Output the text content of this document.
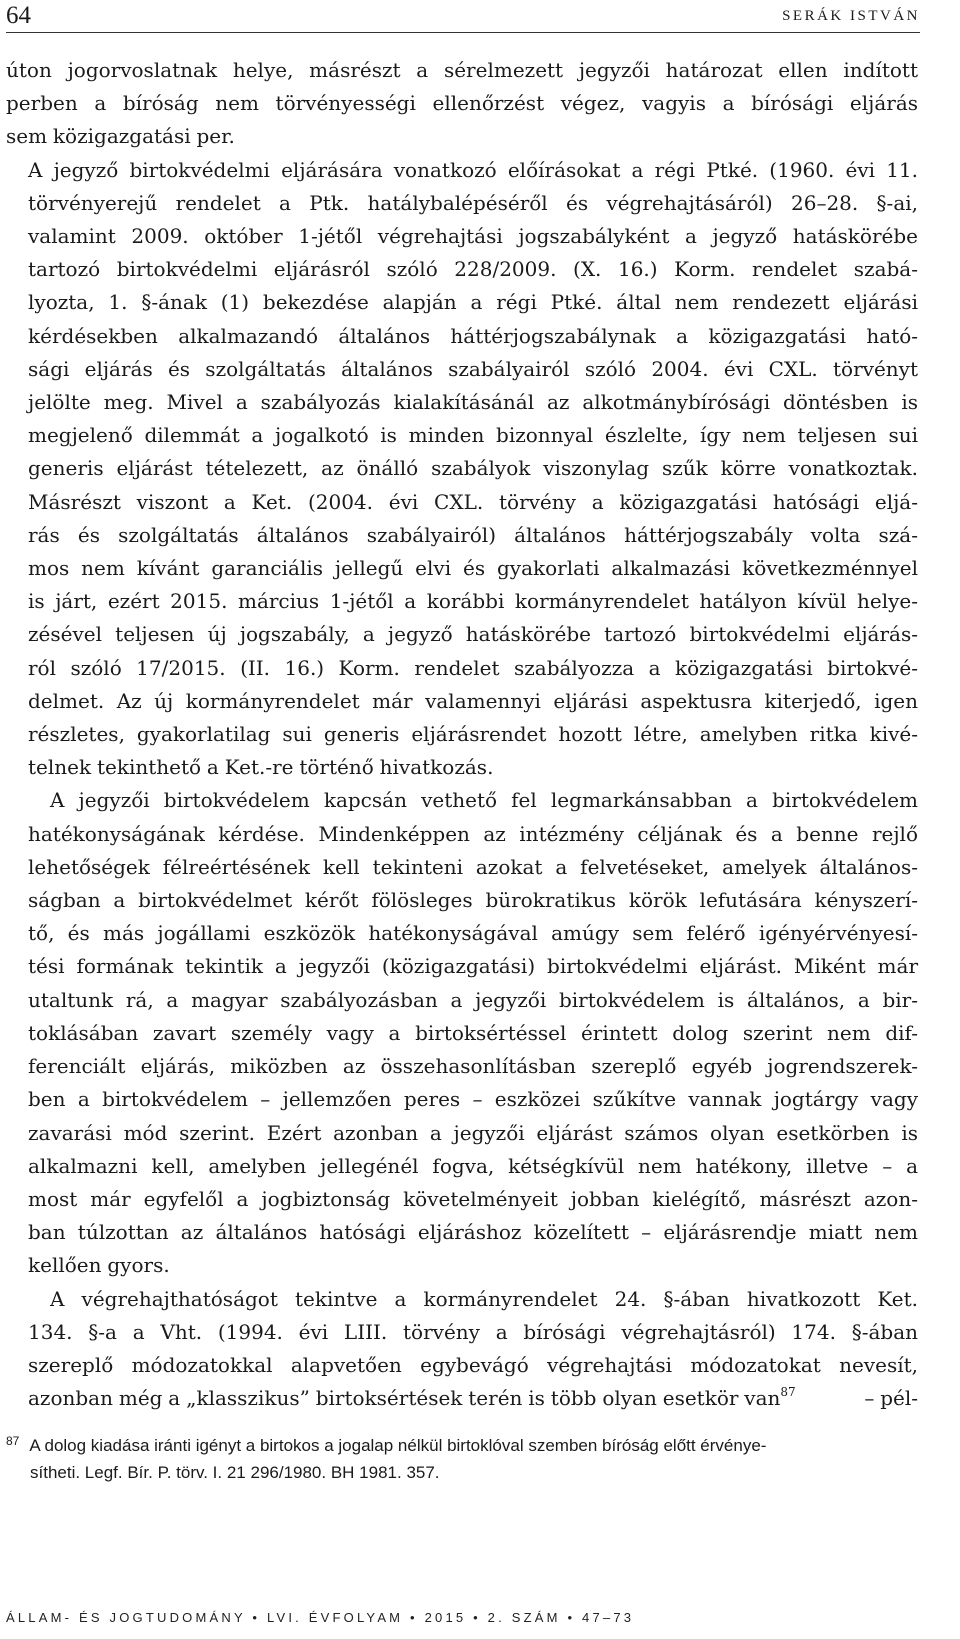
64	SERÁK ISTVÁN

úton jogorvoslatnak helye, másrészt a sérelmezett jegyzői határozat ellen indított
perben a bíróság nem törvényességi ellenőrzést végez, vagyis a bírósági eljárás
sem közigazgatási per.

A jegyző birtokvédelmi eljárására vonatkozó előírásokat a régi Ptké. (1960. évi 11.
törvényerejű rendelet a Ptk. hatálybalépéséről és végrehajtásáról) 26–28. §-ai,
valamint 2009. október 1-jétől végrehajtási jogszabályként a jegyző hatáskörébe
tartozó birtokvédelmi eljárásról szóló 228/2009. (X. 16.) Korm. rendelet szabá-
lyozta, 1. §-ának (1) bekezdése alapján a régi Ptké. által nem rendezett eljárási
kérdésekben alkalmazandó általános háttérjogszabálynak a közigazgatási ható-
sági eljárás és szolgáltatás általános szabályairól szóló 2004. évi CXL. törvényt
jelölte meg. Mivel a szabályozás kialakításánál az alkotmánybírósági döntésben is
megjelenő dilemmát a jogalkotó is minden bizonnyal észlelte, így nem teljesen sui
generis eljárást tételezett, az önálló szabályok viszonylag szűk körre vonatkoztak.
Másrészt viszont a Ket. (2004. évi CXL. törvény a közigazgatási hatósági eljá-
rás és szolgáltatás általános szabályairól) általános háttérjogszabály volta szá-
mos nem kívánt garanciális jellegű elvi és gyakorlati alkalmazási következménnyel
is járt, ezért 2015. március 1-jétől a korábbi kormányrendelet hatályon kívül helye-
zésével teljesen új jogszabály, a jegyző hatáskörébe tartozó birtokvédelmi eljárás-
ról szóló 17/2015. (II. 16.) Korm. rendelet szabályozza a közigazgatási birtokvé-
delmet. Az új kormányrendelet már valamennyi eljárási aspektusra kiterjedő, igen
részletes, gyakorlatilag sui generis eljárásrendet hozott létre, amelyben ritka kivé-
telnek tekinthető a Ket.-re történő hivatkozás.

A jegyzői birtokvédelem kapcsán vethető fel legmarkánsabban a birtokvédelem
hatékonyságának kérdése. Mindenképpen az intézmény céljának és a benne rejlő
lehetőségek félreértésének kell tekinteni azokat a felvetéseket, amelyek általános-
ságban a birtokvédelmet kérőt fölösleges bürokratikus körök lefutására kényszerí-
tő, és más jogállami eszközök hatékonyságával amúgy sem felérő igényérvényesí-
tési formának tekintik a jegyzői (közigazgatási) birtokvédelmi eljárást. Miként már
utaltunk rá, a magyar szabályozásban a jegyzői birtokvédelem is általános, a bir-
toklásában zavart személy vagy a birtoksértéssel érintett dolog szerint nem dif-
ferenciált eljárás, miközben az összehasonlításban szereplő egyéb jogrendszerek-
ben a birtokvédelem – jellemzően peres – eszközei szűkítve vannak jogtárgy vagy
zavarási mód szerint. Ezért azonban a jegyzői eljárást számos olyan esetkörben is
alkalmazni kell, amelyben jellegénél fogva, kétségkívül nem hatékony, illetve – a
most már egyfelől a jogbiztonság követelményeit jobban kielégítő, másrészt azon-
ban túlzottan az általános hatósági eljáráshoz közelített – eljárásrendje miatt nem
kellően gyors.

A végrehajthatóságot tekintve a kormányrendelet 24. §-ában hivatkozott Ket.
134. §-a a Vht. (1994. évi LIII. törvény a bírósági végrehajtásról) 174. §-ában
szereplő módozatokkal alapvetően egybevágó végrehajtási módozatokat nevesít,
azonban még a „klasszikus” birtoksértések terén is több olyan esetkör van$^{87}$	– pél-

$^{87}$ A dolog kiadása iránti igényt a birtokos a jogalap nélkül birtoklóval szemben bíróság előtt érvénye-
sítheti. Legf. Bír. P. törv. I. 21 296/1980. BH 1981. 357.
ÁLLAM- ÉS JOGTUDOMÁNY • LVI. ÉVFOLYAM • 2015 • 2. SZÁM • 47–73
